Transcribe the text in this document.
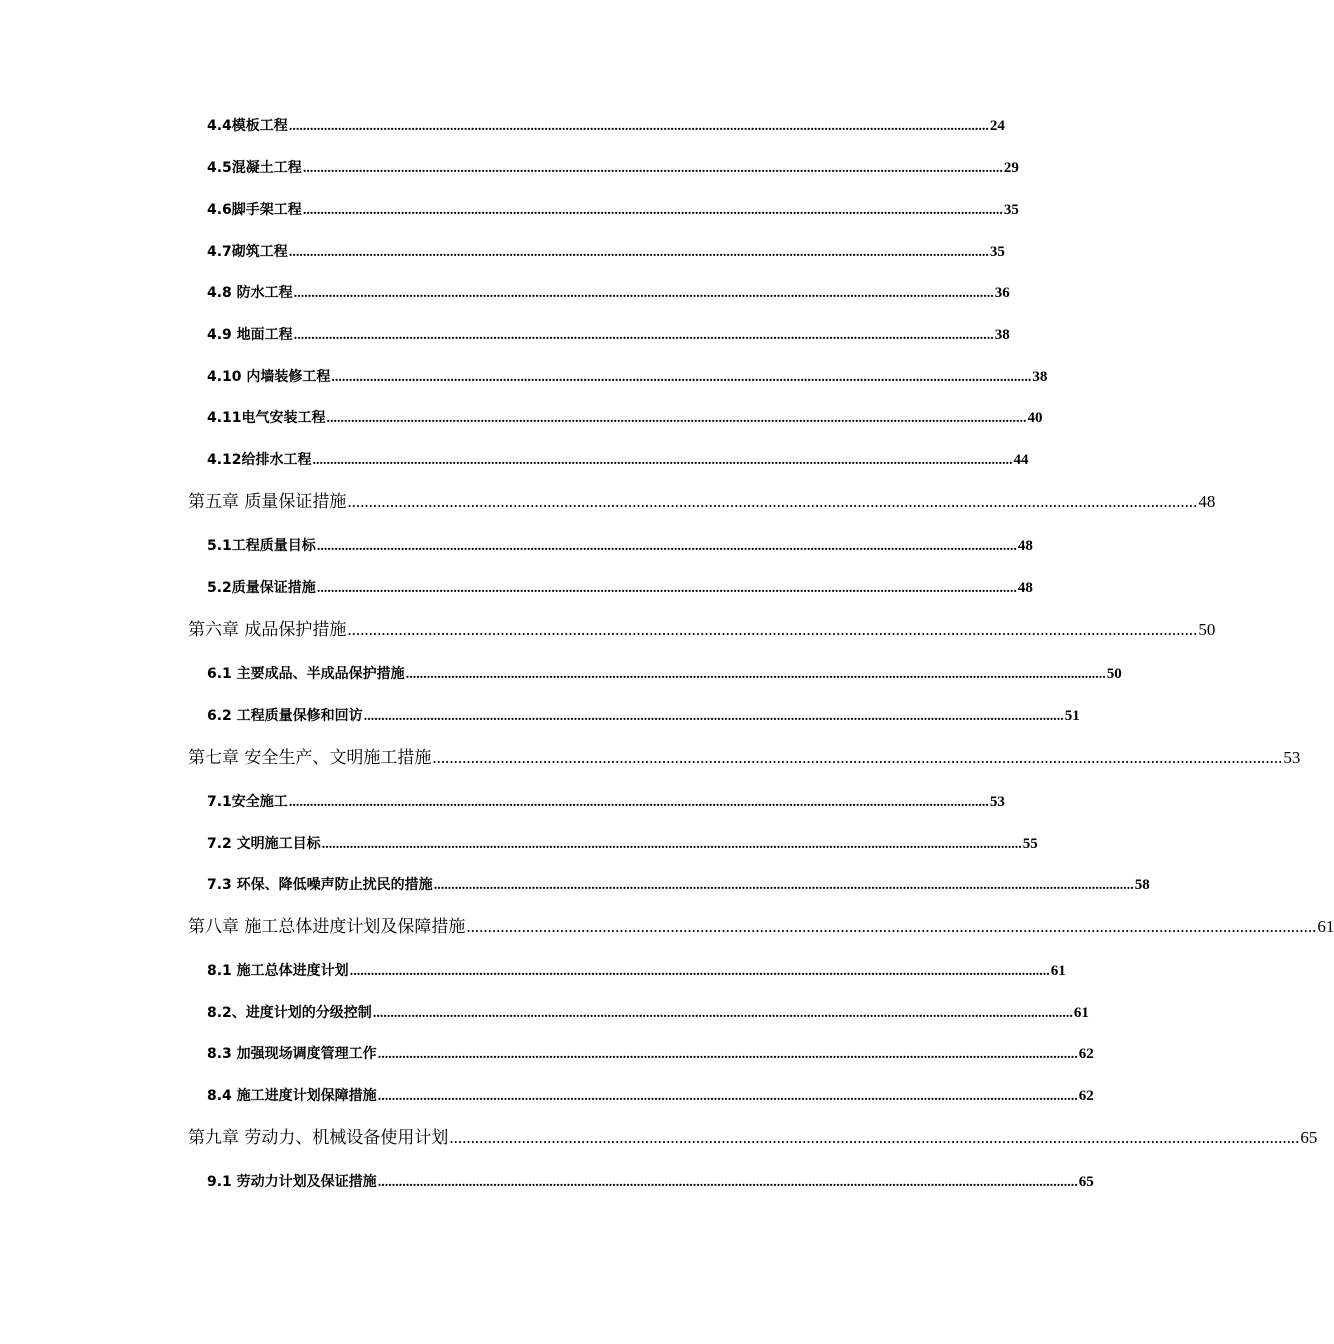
4.4模板工程 ........................................................................................................................................................................................................ 24
4.5混凝土工程 ........................................................................................................................................................................................................ 29
4.6脚手架工程 ........................................................................................................................................................................................................ 35
4.7砌筑工程 ........................................................................................................................................................................................................ 35
4.8 防水工程 ........................................................................................................................................................................................................ 36
4.9 地面工程 ........................................................................................................................................................................................................ 38
4.10 内墙装修工程 ........................................................................................................................................................................................................ 38
4.11电气安装工程 ........................................................................................................................................................................................................ 40
4.12给排水工程 ........................................................................................................................................................................................................ 44
第五章 质量保证措施 ........................................................................................................................................................................................................ 48
5.1工程质量目标 ........................................................................................................................................................................................................ 48
5.2质量保证措施 ........................................................................................................................................................................................................ 48
第六章 成品保护措施 ........................................................................................................................................................................................................ 50
6.1 主要成品、半成品保护措施 ........................................................................................................................................................................................................ 50
6.2 工程质量保修和回访 ........................................................................................................................................................................................................ 51
第七章 安全生产、文明施工措施 ........................................................................................................................................................................................................ 53
7.1安全施工 ........................................................................................................................................................................................................ 53
7.2 文明施工目标 ........................................................................................................................................................................................................ 55
7.3 环保、降低噪声防止扰民的措施 ........................................................................................................................................................................................................ 58
第八章 施工总体进度计划及保障措施 ........................................................................................................................................................................................................ 61
8.1 施工总体进度计划 ........................................................................................................................................................................................................ 61
8.2、进度计划的分级控制 ........................................................................................................................................................................................................ 61
8.3 加强现场调度管理工作 ........................................................................................................................................................................................................ 62
8.4 施工进度计划保障措施 ........................................................................................................................................................................................................ 62
第九章 劳动力、机械设备使用计划 ........................................................................................................................................................................................................ 65
9.1 劳动力计划及保证措施 ........................................................................................................................................................................................................ 65
